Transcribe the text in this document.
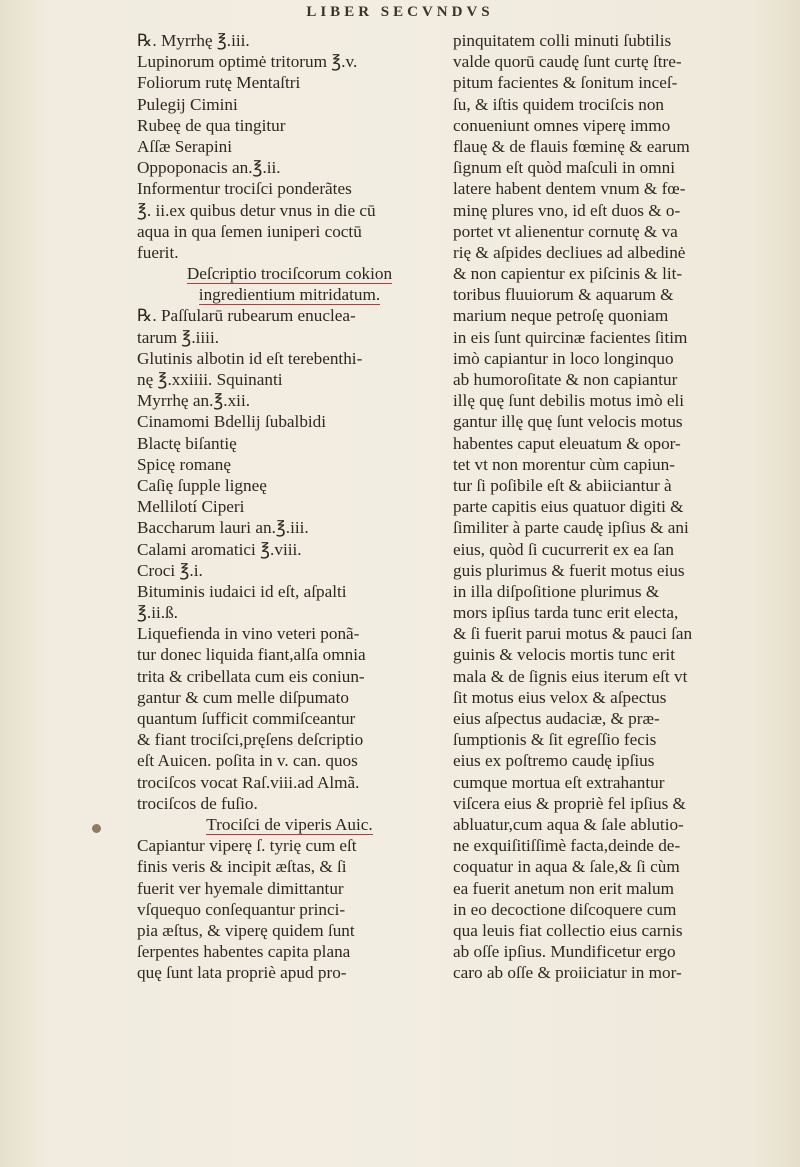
LIBER SECVNDVS
℞. Myrrhę ℥.iii.
Lupinorum optimė tritorum ℥.v.
Foliorum rutę Mentaſtri
Pulegij Cimini
Rubeę de qua tingitur
Aſſæ Serapini
Oppoponacis an.℥.ii.
Informentur trociſci ponderãtes
℥. ii.ex quibus detur vnus in die cū
aqua in qua ſemen iuniperi coctū
fuerit.
Deſcriptio trociſcorum cokion
ingredientium mitridatum.
℞. Paſſularū rubearum enuclea-
tarum ℥.iiii.
Glutinis albotin id eſt terebenthi-
nę ℥.xxiiii. Squinanti
Myrrhę an.℥.xii.
Cinamomi Bdellij ſubalbidi
Blactę biſantię
Spicę romanę
Caſię ſupple ligneę
Mellilotí Ciperi
Baccharum lauri an.℥.iii.
Calami aromatici ℥.viii.
Croci ℥.i.
Bituminis iudaici id eſt, aſpalti
℥.ii.ß.
Liquefienda in vino veteri ponã-
tur donec liquida fiant,alſa omnia
trita & cribellata cum eis coniun-
gantur & cum melle diſpumato
quantum ſufficit commiſceantur
& fiant trociſci,pręſens deſcriptio
eſt Auicen. poſita in v. can. quos
trociſcos vocat Raſ.viii.ad Almã.
trociſcos de fuſio.
Trociſci de viperis Auic.
Capiantur viperę ſ. tyrię cum eſt
finis veris & incipit æſtas, & ſi
fuerit ver hyemale dimittantur
vſquequo conſequantur princi-
pia æſtus, & viperę quidem ſunt
ſerpentes habentes capita plana
quę ſunt lata propriè apud pro-
pinquitatem colli minuti ſubtilis
valde quorū caudę ſunt curtę ſtre-
pitum facientes & ſonitum inceſ-
ſu, & iſtis quidem trociſcis non
conueniunt omnes viperę immo
flauę & de flauis fœminę & earum
ſignum eſt quòd maſculi in omni
latere habent dentem vnum & fœ-
minę plures vno, id eſt duos & o-
portet vt alienentur cornutę & va
rię & aſpides decliues ad albedinė
& non capientur ex piſcinis & lit-
toribus fluuiorum & aquarum &
marium neque petroſę quoniam
in eis ſunt quircinæ facientes ſitim
imò capiantur in loco longinquo
ab humoroſitate & non capiantur
illę quę ſunt debilis motus imò eli
gantur illę quę ſunt velocis motus
habentes caput eleuatum & opor-
tet vt non morentur cùm capiun-
tur ſi poſibile eſt & abiiciantur à
parte capitis eius quatuor digiti &
ſimiliter à parte caudę ipſius & ani
eius, quòd ſi cucurrerit ex ea ſan
guis plurimus & fuerit motus eius
in illa diſpoſitione plurimus &
mors ipſius tarda tunc erit electa,
& ſi fuerit parui motus & pauci ſan
guinis & velocis mortis tunc erit
mala & de ſignis eius iterum eſt vt
ſit motus eius velox & aſpectus
eius aſpectus audaciæ, & præ-
ſumptionis & ſit egreſſio fecis
eius ex poſtremo caudę ipſius
cumque mortua eſt extrahantur
viſcera eius & propriè fel ipſius &
abluatur,cum aqua & ſale ablutio-
ne exquiſitiſſimè facta,deinde de-
coquatur in aqua & ſale,& ſi cùm
ea fuerit anetum non erit malum
in eo decoctione diſcoquere cum
qua leuis fiat collectio eius carnis
ab oſſe ipſius. Mundificetur ergo
caro ab oſſe & proiiciatur in mor-
